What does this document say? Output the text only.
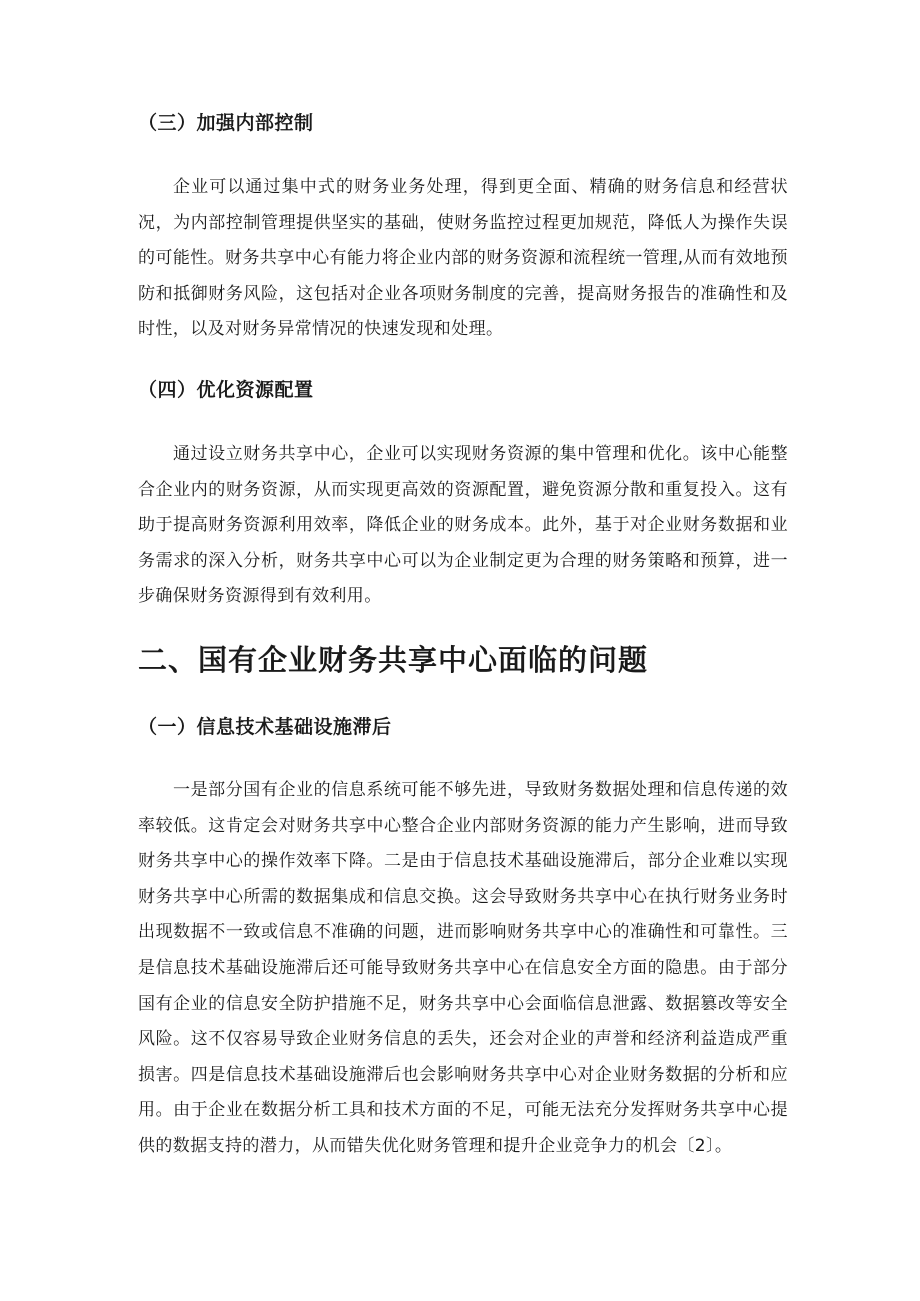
（三）加强内部控制

企业可以通过集中式的财务业务处理，得到更全面、精确的财务信息和经营状况，为内部控制管理提供坚实的基础，使财务监控过程更加规范，降低人为操作失误的可能性。财务共享中心有能力将企业内部的财务资源和流程统一管理,从而有效地预防和抵御财务风险，这包括对企业各项财务制度的完善，提高财务报告的准确性和及时性，以及对财务异常情况的快速发现和处理。

（四）优化资源配置

通过设立财务共享中心，企业可以实现财务资源的集中管理和优化。该中心能整合企业内的财务资源，从而实现更高效的资源配置，避免资源分散和重复投入。这有助于提高财务资源利用效率，降低企业的财务成本。此外，基于对企业财务数据和业务需求的深入分析，财务共享中心可以为企业制定更为合理的财务策略和预算，进一步确保财务资源得到有效利用。

二、国有企业财务共享中心面临的问题
（一）信息技术基础设施滞后

一是部分国有企业的信息系统可能不够先进，导致财务数据处理和信息传递的效率较低。这肯定会对财务共享中心整合企业内部财务资源的能力产生影响，进而导致财务共享中心的操作效率下降。二是由于信息技术基础设施滞后，部分企业难以实现财务共享中心所需的数据集成和信息交换。这会导致财务共享中心在执行财务业务时出现数据不一致或信息不准确的问题，进而影响财务共享中心的准确性和可靠性。三是信息技术基础设施滞后还可能导致财务共享中心在信息安全方面的隐患。由于部分国有企业的信息安全防护措施不足，财务共享中心会面临信息泄露、数据篡改等安全风险。这不仅容易导致企业财务信息的丢失，还会对企业的声誉和经济利益造成严重损害。四是信息技术基础设施滞后也会影响财务共享中心对企业财务数据的分析和应用。由于企业在数据分析工具和技术方面的不足，可能无法充分发挥财务共享中心提供的数据支持的潜力，从而错失优化财务管理和提升企业竞争力的机会〔2〕。
